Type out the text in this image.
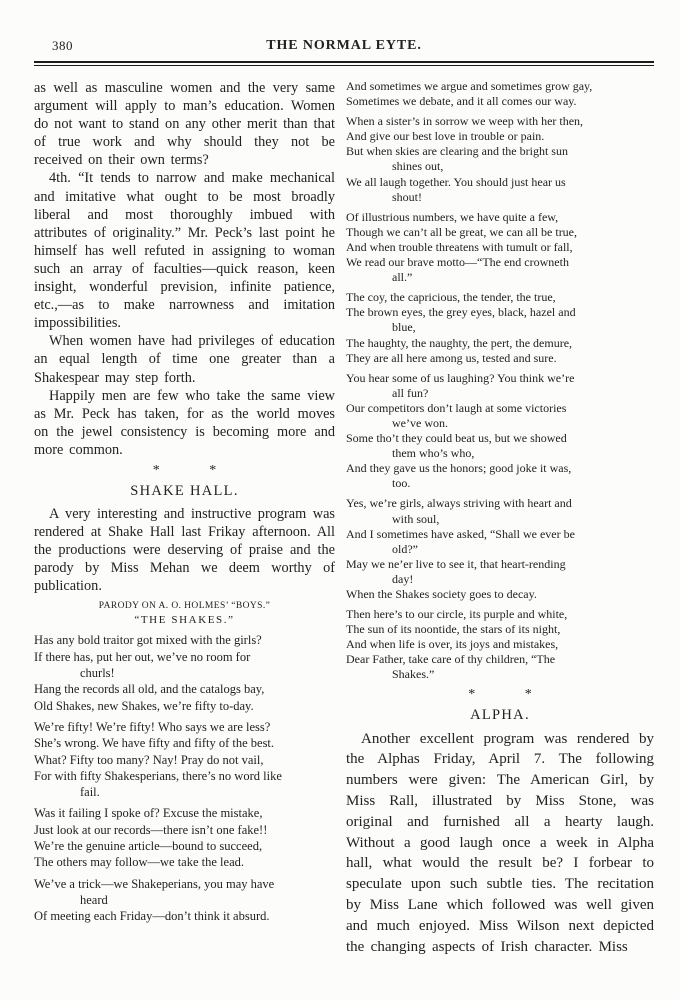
380	THE NORMAL EYTE.
as well as masculine women and the very same argument will apply to man’s education. Women do not want to stand on any other merit than that of true work and why should they not be received on their own terms?
4th. “It tends to narrow and make mechanical and imitative what ought to be most broadly liberal and most thoroughly imbued with attributes of originality.” Mr. Peck’s last point he himself has well refuted in assigning to woman such an array of faculties—quick reason, keen insight, wonderful prevision, infinite patience, etc.,—as to make narrowness and imitation impossibilities.
When women have had privileges of education an equal length of time one greater than a Shakespear may step forth.
Happily men are few who take the same view as Mr. Peck has taken, for as the world moves on the jewel consistency is becoming more and more common.
* *
SHAKE HALL.
A very interesting and instructive program was rendered at Shake Hall last Frikay afternoon. All the productions were deserving of praise and the parody by Miss Mehan we deem worthy of publication.
PARODY ON A. O. HOLMES’ “BOYS.”
“THE SHAKES.”
Has any bold traitor got mixed with the girls?
If there has, put her out, we’ve no room for
churls!
Hang the records all old, and the catalogs bay,
Old Shakes, new Shakes, we’re fifty to-day.
We’re fifty! We’re fifty! Who says we are less?
She’s wrong. We have fifty and fifty of the best.
What? Fifty too many? Nay! Pray do not vail,
For with fifty Shakesperians, there’s no word like
fail.
Was it failing I spoke of? Excuse the mistake,
Just look at our records—there isn’t one fake!!
We’re the genuine article—bound to succeed,
The others may follow—we take the lead.
We’ve a trick—we Shakeperians, you may have
heard
Of meeting each Friday—don’t think it absurd.
And sometimes we argue and sometimes grow gay,
Sometimes we debate, and it all comes our way.
When a sister’s in sorrow we weep with her then,
And give our best love in trouble or pain.
But when skies are clearing and the bright sun
shines out,
We all laugh together. You should just hear us
shout!
Of illustrious numbers, we have quite a few,
Though we can’t all be great, we can all be true,
And when trouble threatens with tumult or fall,
We read our brave motto—“The end crowneth
all.”
The coy, the capricious, the tender, the true,
The brown eyes, the grey eyes, black, hazel and
blue,
The haughty, the naughty, the pert, the demure,
They are all here among us, tested and sure.
You hear some of us laughing? You think we’re
all fun?
Our competitors don’t laugh at some victories
we’ve won.
Some tho’t they could beat us, but we showed
them who’s who,
And they gave us the honors; good joke it was,
too.
Yes, we’re girls, always striving with heart and
with soul,
And I sometimes have asked, “Shall we ever be
old?”
May we ne’er live to see it, that heart-rending
day!
When the Shakes society goes to decay.
Then here’s to our circle, its purple and white,
The sun of its noontide, the stars of its night,
And when life is over, its joys and mistakes,
Dear Father, take care of thy children, “The
Shakes.”
* *
ALPHA.
Another excellent program was rendered by the Alphas Friday, April 7. The following numbers were given: The American Girl, by Miss Rall, illustrated by Miss Stone, was original and furnished all a hearty laugh. Without a good laugh once a week in Alpha hall, what would the result be? I forbear to speculate upon such subtle ties. The recitation by Miss Lane which followed was well given and much enjoyed. Miss Wilson next depicted the changing aspects of Irish character. Miss
